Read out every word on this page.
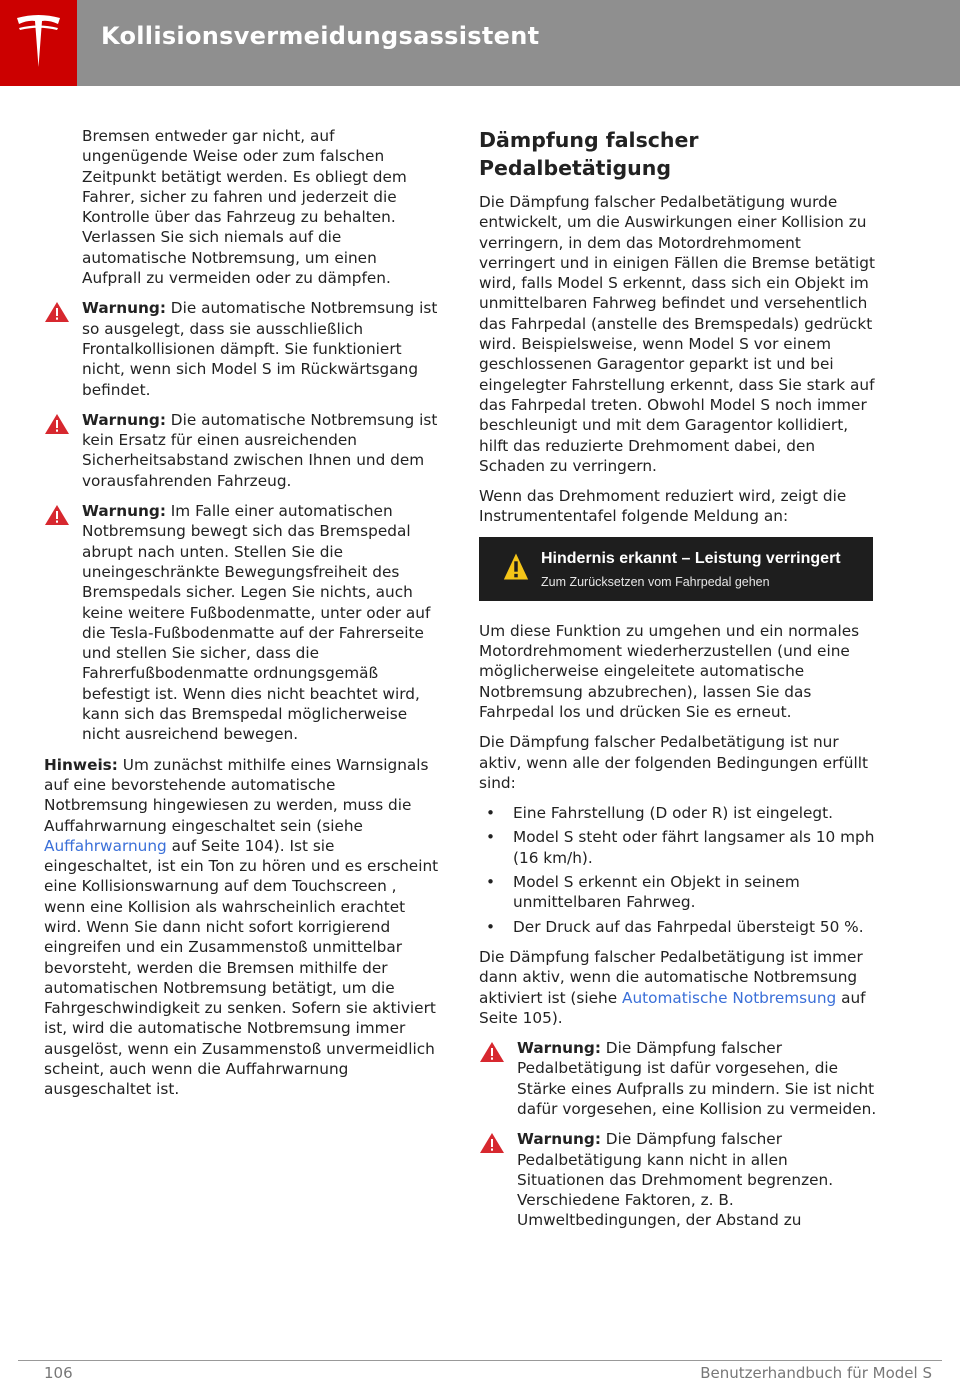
Kollisionsvermeidungsassistent

Bremsen entweder gar nicht, auf ungenügende Weise oder zum falschen Zeitpunkt betätigt werden. Es obliegt dem Fahrer, sicher zu fahren und jederzeit die Kontrolle über das Fahrzeug zu behalten. Verlassen Sie sich niemals auf die automatische Notbremsung, um einen Aufprall zu vermeiden oder zu dämpfen.

Warnung: Die automatische Notbremsung ist so ausgelegt, dass sie ausschließlich Frontalkollisionen dämpft. Sie funktioniert nicht, wenn sich Model S im Rückwärtsgang befindet.
Warnung: Die automatische Notbremsung ist kein Ersatz für einen ausreichenden Sicherheitsabstand zwischen Ihnen und dem vorausfahrenden Fahrzeug.
Warnung: Im Falle einer automatischen Notbremsung bewegt sich das Bremspedal abrupt nach unten. Stellen Sie die uneingeschränkte Bewegungsfreiheit des Bremspedals sicher. Legen Sie nichts, auch keine weitere Fußbodenmatte, unter oder auf die Tesla-Fußbodenmatte auf der Fahrerseite und stellen Sie sicher, dass die Fahrerfußbodenmatte ordnungsgemäß befestigt ist. Wenn dies nicht beachtet wird, kann sich das Bremspedal möglicherweise nicht ausreichend bewegen.

Hinweis: Um zunächst mithilfe eines Warnsignals auf eine bevorstehende automatische Notbremsung hingewiesen zu werden, muss die Auffahrwarnung eingeschaltet sein (siehe Auffahrwarnung auf Seite 104). Ist sie eingeschaltet, ist ein Ton zu hören und es erscheint eine Kollisionswarnung auf dem Touchscreen , wenn eine Kollision als wahrscheinlich erachtet wird. Wenn Sie dann nicht sofort korrigierend eingreifen und ein Zusammenstoß unmittelbar bevorsteht, werden die Bremsen mithilfe der automatischen Notbremsung betätigt, um die Fahrgeschwindigkeit zu senken. Sofern sie aktiviert ist, wird die automatische Notbremsung immer ausgelöst, wenn ein Zusammenstoß unvermeidlich scheint, auch wenn die Auffahrwarnung ausgeschaltet ist.

Dämpfung falscher Pedalbetätigung

Die Dämpfung falscher Pedalbetätigung wurde entwickelt, um die Auswirkungen einer Kollision zu verringern, in dem das Motordrehmoment verringert und in einigen Fällen die Bremse betätigt wird, falls Model S erkennt, dass sich ein Objekt im unmittelbaren Fahrweg befindet und versehentlich das Fahrpedal (anstelle des Bremspedals) gedrückt wird. Beispielsweise, wenn Model S vor einem geschlossenen Garagentor geparkt ist und bei eingelegter Fahrstellung erkennt, dass Sie stark auf das Fahrpedal treten. Obwohl Model S noch immer beschleunigt und mit dem Garagentor kollidiert, hilft das reduzierte Drehmoment dabei, den Schaden zu verringern.

Wenn das Drehmoment reduziert wird, zeigt die Instrumententafel folgende Meldung an:

Hindernis erkannt – Leistung verringert
Zum Zurücksetzen vom Fahrpedal gehen

Um diese Funktion zu umgehen und ein normales Motordrehmoment wiederherzustellen (und eine möglicherweise eingeleitete automatische Notbremsung abzubrechen), lassen Sie das Fahrpedal los und drücken Sie es erneut.

Die Dämpfung falscher Pedalbetätigung ist nur aktiv, wenn alle der folgenden Bedingungen erfüllt sind:

• Eine Fahrstellung (D oder R) ist eingelegt.
• Model S steht oder fährt langsamer als 10 mph (16 km/h).
• Model S erkennt ein Objekt in seinem unmittelbaren Fahrweg.
• Der Druck auf das Fahrpedal übersteigt 50 %.

Die Dämpfung falscher Pedalbetätigung ist immer dann aktiv, wenn die automatische Notbremsung aktiviert ist (siehe Automatische Notbremsung auf Seite 105).

Warnung: Die Dämpfung falscher Pedalbetätigung ist dafür vorgesehen, die Stärke eines Aufpralls zu mindern. Sie ist nicht dafür vorgesehen, eine Kollision zu vermeiden.
Warnung: Die Dämpfung falscher Pedalbetätigung kann nicht in allen Situationen das Drehmoment begrenzen. Verschiedene Faktoren, z. B. Umweltbedingungen, der Abstand zu
106	Benutzerhandbuch für Model S
